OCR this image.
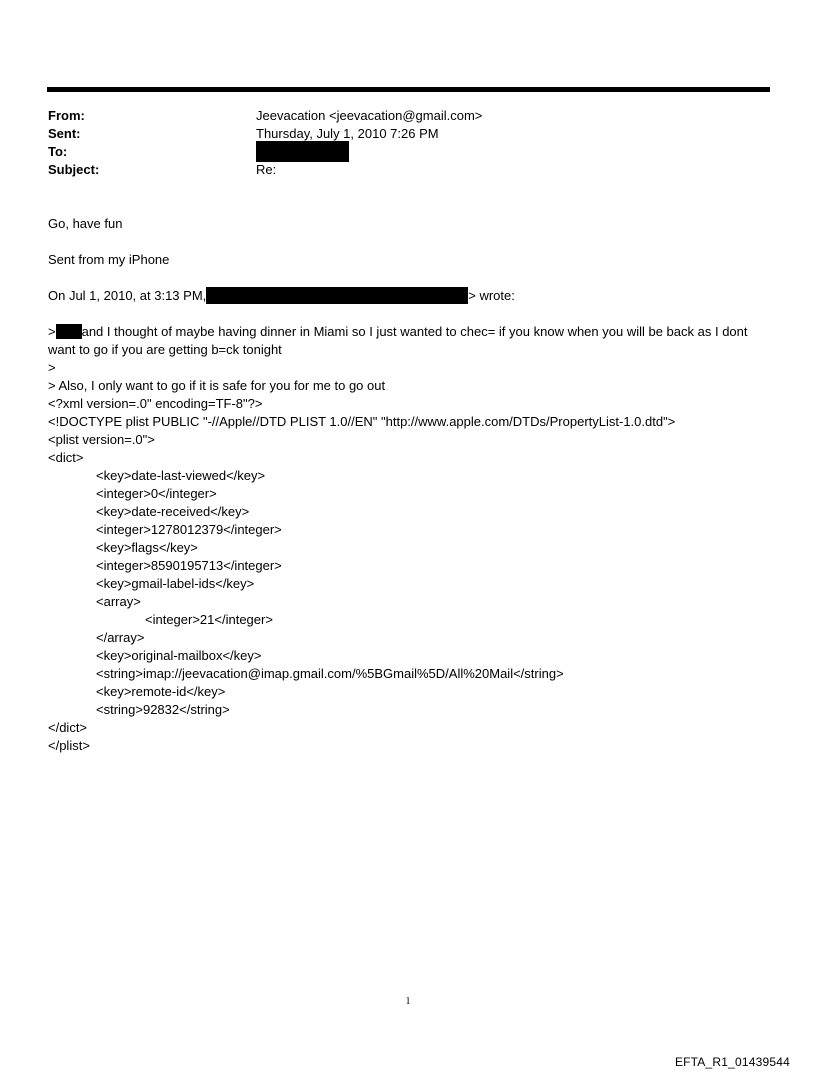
From:	Jeevacation <jeevacation@gmail.com>
Sent:	Thursday, July 1, 2010 7:26 PM
To:
Subject:	Re:

Go, have fun

Sent from my iPhone

On Jul 1, 2010, at 3:13 PM,	> wrote:

> and I thought of maybe having dinner in Miami so I just wanted to chec= if you know when you will be back as I dont want to go if you are getting b=ck tonight

>

> Also, I only want to go if it is safe for you for me to go out

<?xml version=.0" encoding=TF-8"?>

<!DOCTYPE plist PUBLIC "-//Apple//DTD PLIST 1.0//EN" "http://www.apple.com/DTDs/PropertyList-1.0.dtd">

<plist version=.0">

<dict>

<key>date-last-viewed</key>

<integer>0</integer>

<key>date-received</key>

<integer>1278012379</integer>

<key>flags</key>

<integer>8590195713</integer>

<key>gmail-label-ids</key>

<array>

<integer>21</integer>

</array>

<key>original-mailbox</key>

<string>imap://jeevacation@imap.gmail.com/%5BGmail%5D/All%20Mail</string>

<key>remote-id</key>

<string>92832</string>

</dict>

</plist>

1
EFTA_R1_01439544
